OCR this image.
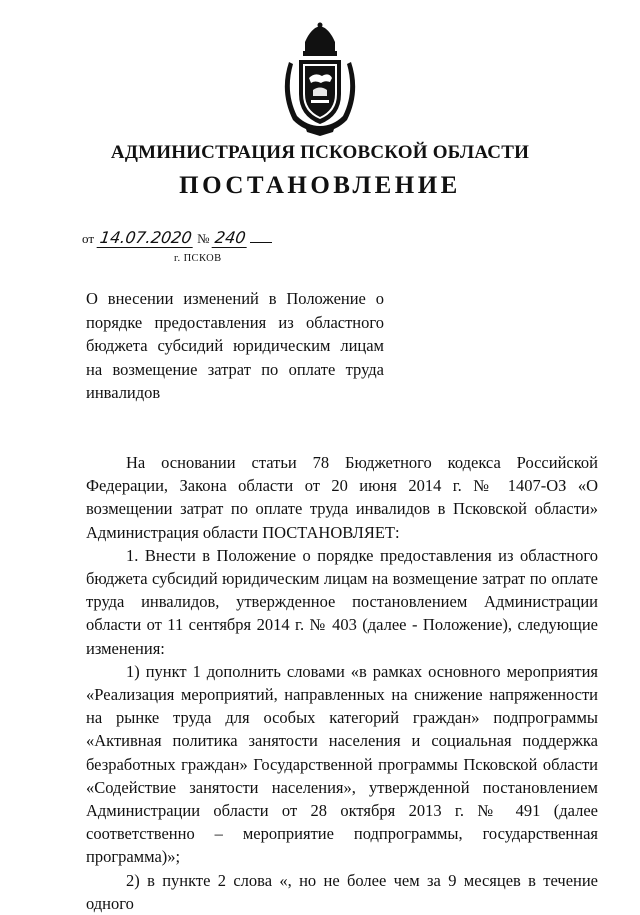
АДМИНИСТРАЦИЯ ПСКОВСКОЙ ОБЛАСТИ
ПОСТАНОВЛЕНИЕ
от 14.07.2020 № 240
г. ПСКОВ
О внесении изменений в Положение о порядке предоставления из областного бюджета субсидий юридическим лицам на возмещение затрат по оплате труда инвалидов

На основании статьи 78 Бюджетного кодекса Российской Федерации, Закона области от 20 июня 2014 г. № 1407-ОЗ «О возмещении затрат по оплате труда инвалидов в Псковской области» Администрация области ПОСТАНОВЛЯЕТ:

1. Внести в Положение о порядке предоставления из областного бюджета субсидий юридическим лицам на возмещение затрат по оплате труда инвалидов, утвержденное постановлением Администрации области от 11 сентября 2014 г. № 403 (далее - Положение), следующие изменения:

1) пункт 1 дополнить словами «в рамках основного мероприятия «Реализация мероприятий, направленных на снижение напряженности на рынке труда для особых категорий граждан» подпрограммы «Активная политика занятости населения и социальная поддержка безработных граждан» Государственной программы Псковской области «Содействие занятости населения», утвержденной постановлением Администрации области от 28 октября 2013 г. № 491 (далее соответственно – мероприятие подпрограммы, государственная программа)»;

2) в пункте 2 слова «, но не более чем за 9 месяцев в течение одного
